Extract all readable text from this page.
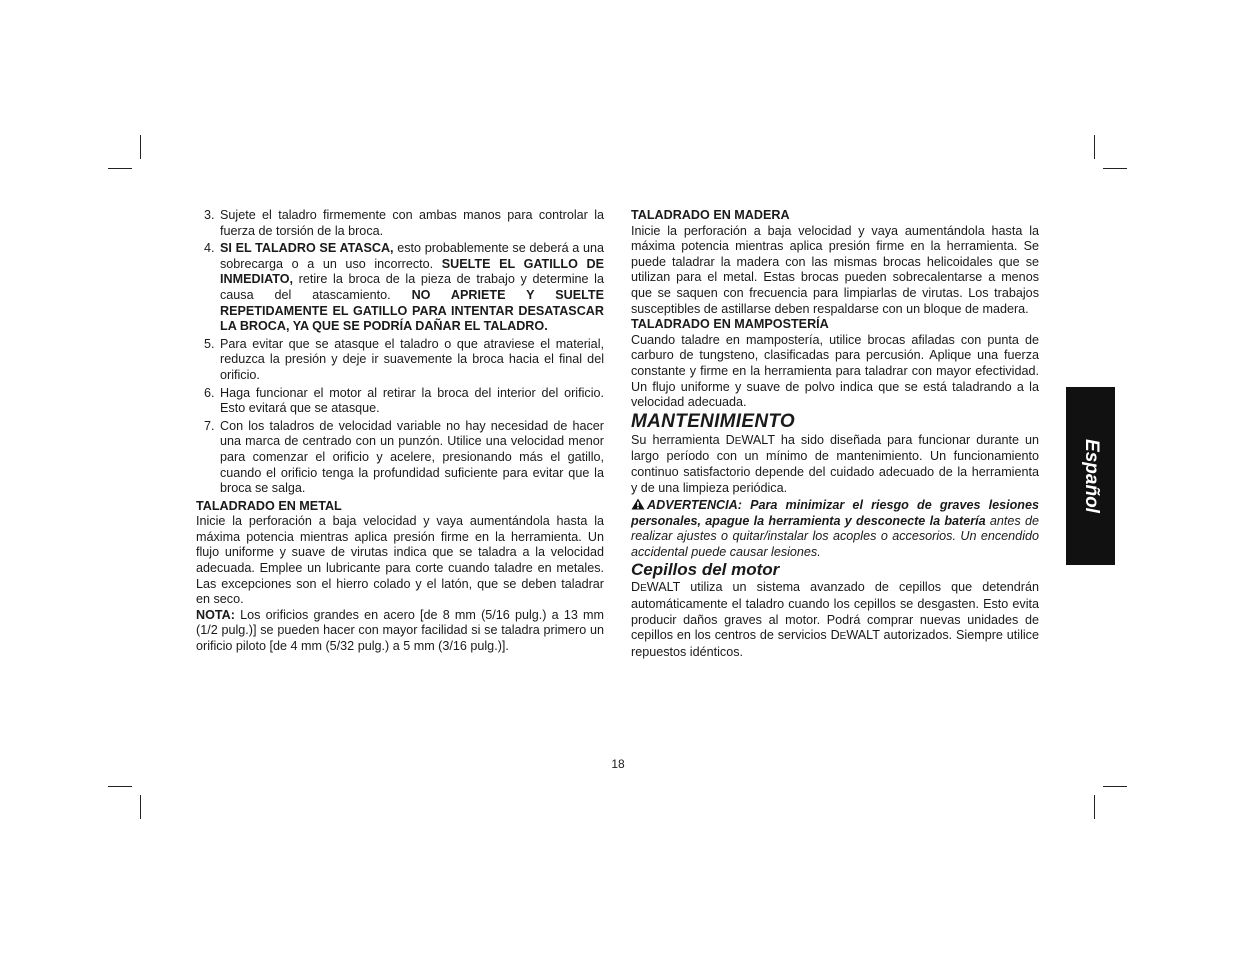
3. Sujete el taladro firmemente con ambas manos para controlar la fuerza de torsión de la broca.
4. SI EL TALADRO SE ATASCA, esto probablemente se deberá a una sobrecarga o a un uso incorrecto. SUELTE EL GATILLO DE INMEDIATO, retire la broca de la pieza de trabajo y determine la causa del atascamiento. NO APRIETE Y SUELTE REPETIDAMENTE EL GATILLO PARA INTENTAR DESATASCAR LA BROCA, YA QUE SE PODRÍA DAÑAR EL TALADRO.
5. Para evitar que se atasque el taladro o que atraviese el material, reduzca la presión y deje ir suavemente la broca hacia el final del orificio.
6. Haga funcionar el motor al retirar la broca del interior del orificio. Esto evitará que se atasque.
7. Con los taladros de velocidad variable no hay necesidad de hacer una marca de centrado con un punzón. Utilice una velocidad menor para comenzar el orificio y acelere, presionando más el gatillo, cuando el orificio tenga la profundidad suficiente para evitar que la broca se salga.

TALADRADO EN METAL

Inicie la perforación a baja velocidad y vaya aumentándola hasta la máxima potencia mientras aplica presión firme en la herramienta. Un flujo uniforme y suave de virutas indica que se taladra a la velocidad adecuada. Emplee un lubricante para corte cuando taladre en metales. Las excepciones son el hierro colado y el latón, que se deben taladrar en seco.

NOTA: Los orificios grandes en acero [de 8 mm (5/16 pulg.) a 13 mm (1/2 pulg.)] se pueden hacer con mayor facilidad si se taladra primero un orificio piloto [de 4 mm (5/32 pulg.) a 5 mm (3/16 pulg.)].

TALADRADO EN MADERA

Inicie la perforación a baja velocidad y vaya aumentándola hasta la máxima potencia mientras aplica presión firme en la herramienta. Se puede taladrar la madera con las mismas brocas helicoidales que se utilizan para el metal. Estas brocas pueden sobrecalentarse a menos que se saquen con frecuencia para limpiarlas de virutas. Los trabajos susceptibles de astillarse deben respaldarse con un bloque de madera.

TALADRADO EN MAMPOSTERÍA

Cuando taladre en mampostería, utilice brocas afiladas con punta de carburo de tungsteno, clasificadas para percusión. Aplique una fuerza constante y firme en la herramienta para taladrar con mayor efectividad. Un flujo uniforme y suave de polvo indica que se está taladrando a la velocidad adecuada.

MANTENIMIENTO

Su herramienta DEWALT ha sido diseñada para funcionar durante un largo período con un mínimo de mantenimiento. Un funcionamiento continuo satisfactorio depende del cuidado adecuado de la herramienta y de una limpieza periódica.

ADVERTENCIA: Para minimizar el riesgo de graves lesiones personales, apague la herramienta y desconecte la batería antes de realizar ajustes o quitar/instalar los acoples o accesorios. Un encendido accidental puede causar lesiones.

Cepillos del motor

DEWALT utiliza un sistema avanzado de cepillos que detendrán automáticamente el taladro cuando los cepillos se desgasten. Esto evita producir daños graves al motor. Podrá comprar nuevas unidades de cepillos en los centros de servicios DEWALT autorizados. Siempre utilice repuestos idénticos.

Español
18
